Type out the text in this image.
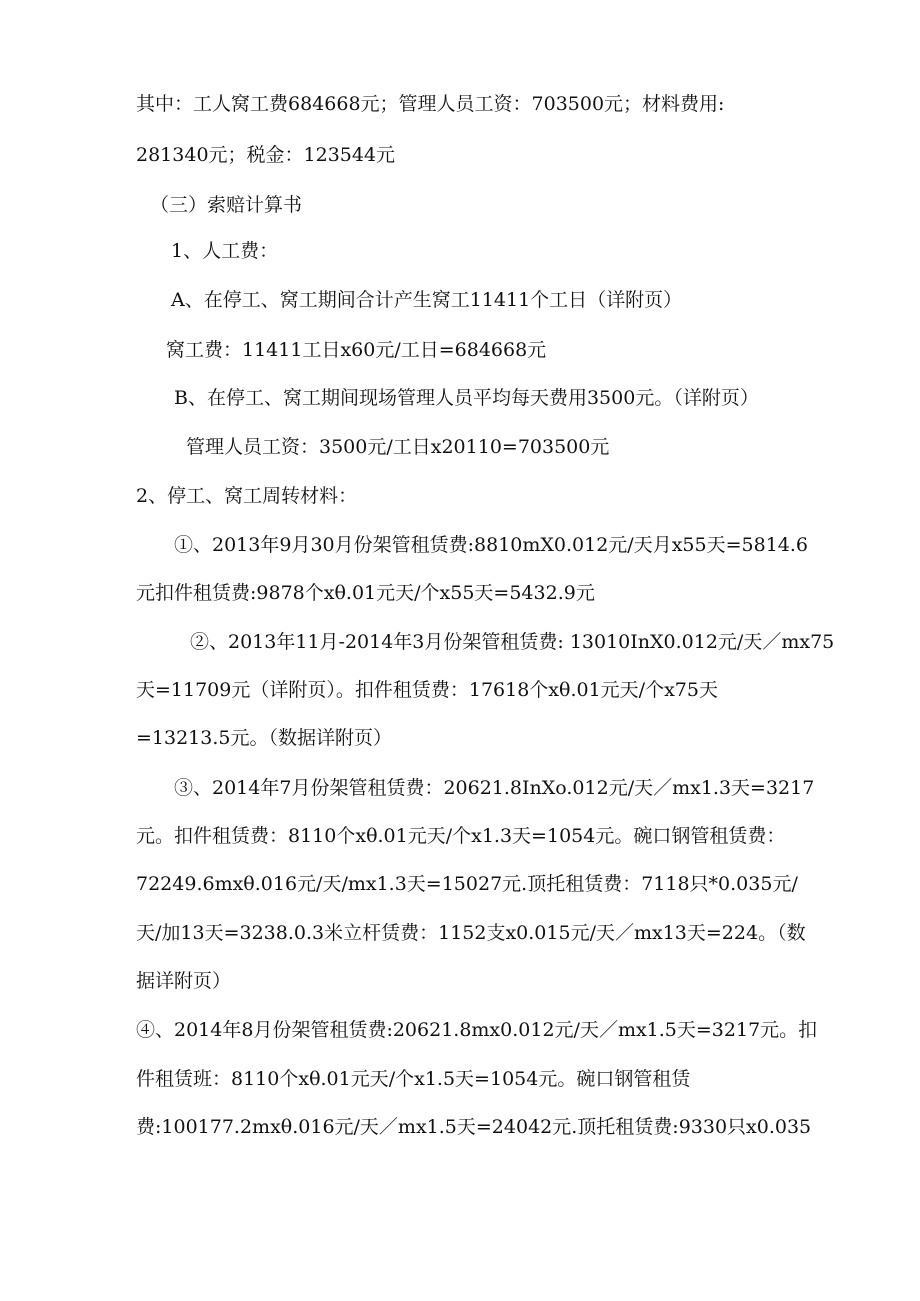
其中：工人窝工费684668元；管理人员工资：703500元；材料费用:
281340元；税金：123544元
（三）索赔计算书
1、人工费：
A、在停工、窝工期间合计产生窝工11411个工日（详附页）
窝工费：11411工日x60元/工日=684668元
B、在停工、窝工期间现场管理人员平均每天费用3500元。（详附页）
管理人员工资：3500元/工日x20110=703500元
2、停工、窝工周转材料：
①、2013年9月30月份架管租赁费:8810mX0.012元/天月x55天=5814.6
元扣件租赁费:9878个xθ.01元天/个x55天=5432.9元
②、2013年11月-2014年3月份架管租赁费: 13010InX0.012元/天／mx75
天=11709元（详附页）。扣件租赁费：17618个xθ.01元天/个x75天
=13213.5元。（数据详附页）
③、2014年7月份架管租赁费：20621.8InXo.012元/天／mx1.3天=3217
元。扣件租赁费：8110个xθ.01元天/个x1.3天=1054元。碗口钢管租赁费：
72249.6mxθ.016元/天/mx1.3天=15027元.顶托租赁费：7118只*0.035元/
天/加13天=3238.0.3米立杆赁费：1152支x0.015元/天／mx13天=224。（数
据详附页）
④、2014年8月份架管租赁费:20621.8mx0.012元/天／mx1.5天=3217元。扣
件租赁班：8110个xθ.01元天/个x1.5天=1054元。碗口钢管租赁
费:100177.2mxθ.016元/天／mx1.5天=24042元.顶托租赁费:9330只x0.035
